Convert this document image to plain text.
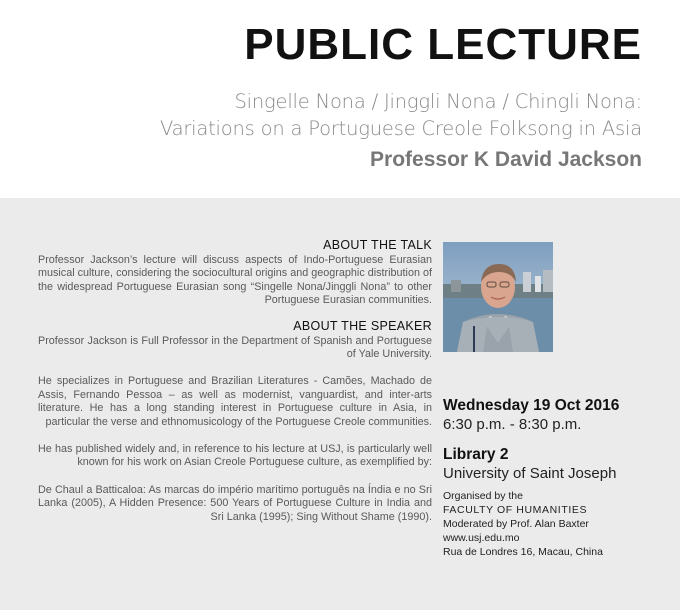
PUBLIC LECTURE
Singelle Nona / Jinggli Nona / Chingli Nona:
Variations on a Portuguese Creole Folksong in Asia
Professor K David Jackson
ABOUT THE TALK

Professor Jackson’s lecture will discuss aspects of Indo-Portuguese Eurasian musical culture, considering the sociocultural origins and geographic distribution of the widespread Portuguese Eurasian song “Singelle Nona/Jinggli Nona” to other Portuguese Eurasian communities.

ABOUT THE SPEAKER

Professor Jackson is Full Professor in the Department of Spanish and Portuguese of Yale University.

He specializes in Portuguese and Brazilian Literatures - Camões, Machado de Assis, Fernando Pessoa – as well as modernist, vanguardist, and inter-arts literature. He has a long standing interest in Portuguese culture in Asia, in particular the verse and ethnomusicology of the Portuguese Creole communities.

He has published widely and, in reference to his lecture at USJ, is particularly well known for his work on Asian Creole Portuguese culture, as exemplified by:

De Chaul a Batticaloa: As marcas do império marítimo português na Índia e no Sri Lanka (2005), A Hidden Presence: 500 Years of Portuguese Culture in India and Sri Lanka (1995); Sing Without Shame (1990).

Wednesday 19 Oct 2016
6:30 p.m. - 8:30 p.m.
Library 2
University of Saint Joseph
Organised by the
FACULTY OF HUMANITIES
Moderated by Prof. Alan Baxter
www.usj.edu.mo
Rua de Londres 16, Macau, China
